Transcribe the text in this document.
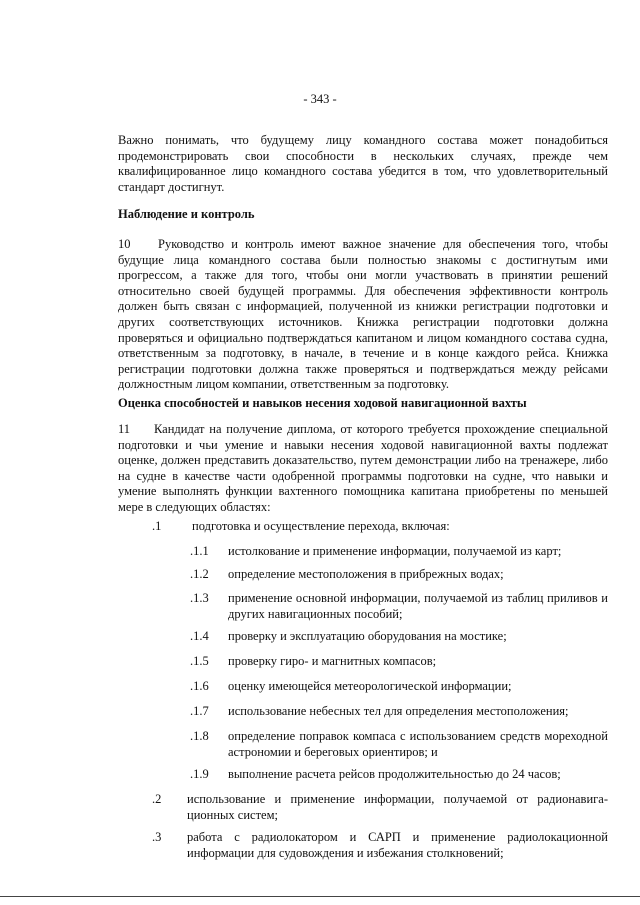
- 343 -

Важно понимать, что будущему лицу командного состава может понадобиться продемонстрировать свои способности в нескольких случаях, прежде чем квалифицированное лицо командного состава убедится в том, что удовлетворительный стандарт достигнут.

Наблюдение и контроль

10	Руководство и контроль имеют важное значение для обеспечения того, чтобы будущие лица командного состава были полностью знакомы с достигнутым ими прогрессом, а также для того, чтобы они могли участвовать в принятии решений относительно своей будущей программы. Для обеспечения эффективности контроль должен быть связан с информацией, полученной из книжки регистрации подготовки и других соответствующих источников. Книжка регистрации подготовки должна проверяться и официально подтверждаться капитаном и лицом командного состава судна, ответственным за подготовку, в начале, в течение и в конце каждого рейса. Книжка регистрации подготовки должна также проверяться и подтверждаться между рейсами должностным лицом компании, ответственным за подготовку.

Оценка способностей и навыков несения ходовой навигационной вахты

11	Кандидат на получение диплома, от которого требуется прохождение специальной подготовки и чьи умение и навыки несения ходовой навигационной вахты подлежат оценке, должен представить доказательство, путем демонстрации либо на тренажере, либо на судне в качестве части одобренной программы подготовки на судне, что навыки и умение выполнять функции вахтенного помощника капитана приобретены по меньшей мере в следующих областях:

.1 подготовка и осуществление перехода, включая:

.1.1 истолкование и применение информации, получаемой из карт;

.1.2 определение местоположения в прибрежных водах;

.1.3 применение основной информации, получаемой из таблиц приливов и других навигационных пособий;

.1.4 проверку и эксплуатацию оборудования на мостике;

.1.5 проверку гиро- и магнитных компасов;

.1.6 оценку имеющейся метеорологической информации;

.1.7 использование небесных тел для определения местоположения;

.1.8 определение поправок компаса с использованием средств мореходной астрономии и береговых ориентиров; и

.1.9 выполнение расчета рейсов продолжительностью до 24 часов;

.2 использование и применение информации, получаемой от радионавига-ционных систем;

.3 работа с радиолокатором и САРП и применение радиолокационной информации для судовождения и избежания столкновений;
